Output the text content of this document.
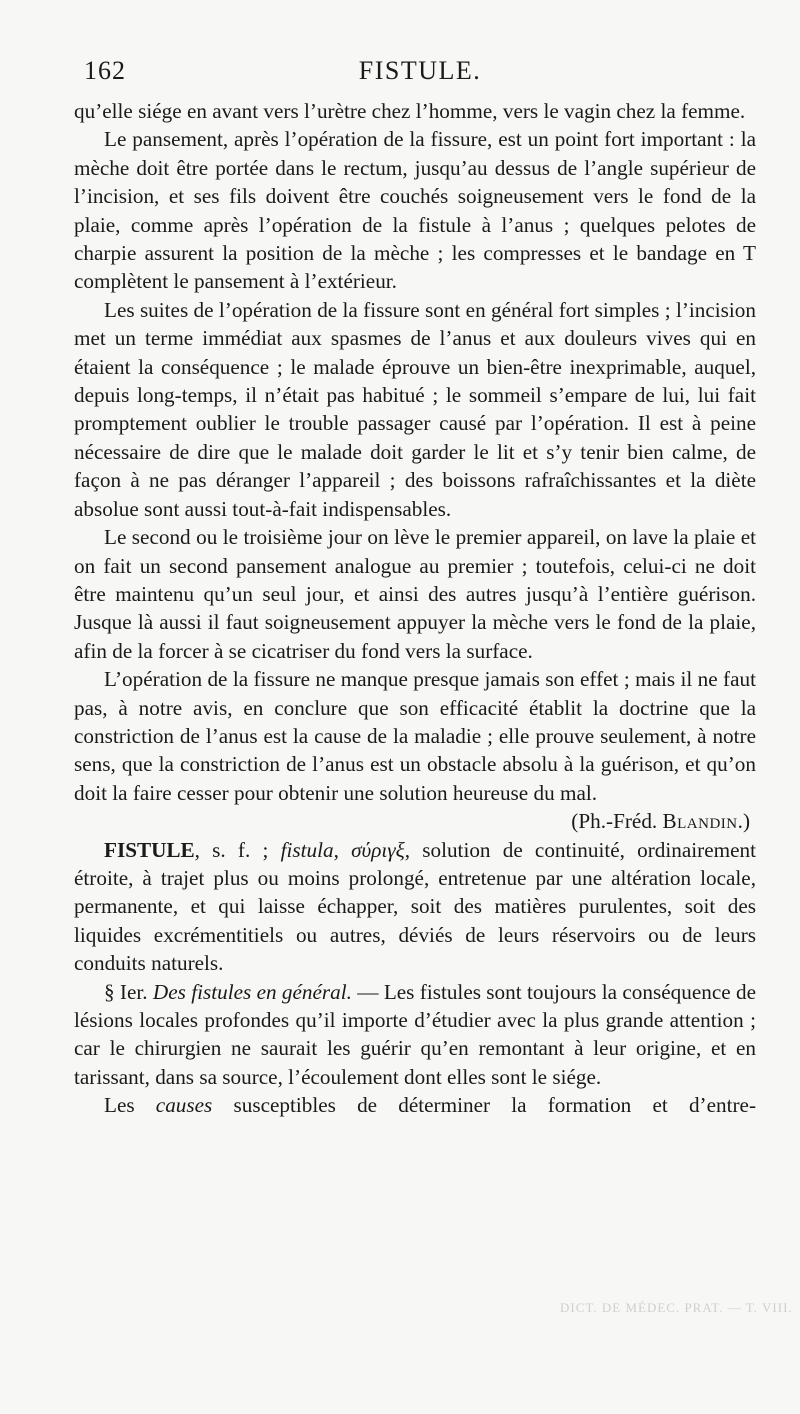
162	FISTULE.

qu’elle siége en avant vers l’urètre chez l’homme, vers le vagin chez la femme.

Le pansement, après l’opération de la fissure, est un point fort important : la mèche doit être portée dans le rectum, jusqu’au dessus de l’angle supérieur de l’incision, et ses fils doivent être couchés soigneusement vers le fond de la plaie, comme après l’opération de la fistule à l’anus ; quelques pelotes de charpie assurent la position de la mèche ; les compresses et le bandage en T complètent le pansement à l’extérieur.

Les suites de l’opération de la fissure sont en général fort simples ; l’incision met un terme immédiat aux spasmes de l’anus et aux douleurs vives qui en étaient la conséquence ; le malade éprouve un bien-être inexprimable, auquel, depuis long-temps, il n’était pas habitué ; le sommeil s’empare de lui, lui fait promptement oublier le trouble passager causé par l’opération. Il est à peine nécessaire de dire que le malade doit garder le lit et s’y tenir bien calme, de façon à ne pas déranger l’appareil ; des boissons rafraîchissantes et la diète absolue sont aussi tout-à-fait indispensables.

Le second ou le troisième jour on lève le premier appareil, on lave la plaie et on fait un second pansement analogue au premier ; toutefois, celui-ci ne doit être maintenu qu’un seul jour, et ainsi des autres jusqu’à l’entière guérison. Jusque là aussi il faut soigneusement appuyer la mèche vers le fond de la plaie, afin de la forcer à se cicatriser du fond vers la surface.

L’opération de la fissure ne manque presque jamais son effet ; mais il ne faut pas, à notre avis, en conclure que son efficacité établit la doctrine que la constriction de l’anus est la cause de la maladie ; elle prouve seulement, à notre sens, que la constriction de l’anus est un obstacle absolu à la guérison, et qu’on doit la faire cesser pour obtenir une solution heureuse du mal.

(Ph.-Fréd. Blandin.)

FISTULE, s. f. ; fistula, σύριγξ, solution de continuité, ordinairement étroite, à trajet plus ou moins prolongé, entretenue par une altération locale, permanente, et qui laisse échapper, soit des matières purulentes, soit des liquides excrémentitiels ou autres, déviés de leurs réservoirs ou de leurs conduits naturels.

§ Ier. Des fistules en général. — Les fistules sont toujours la conséquence de lésions locales profondes qu’il importe d’étudier avec la plus grande attention ; car le chirurgien ne saurait les guérir qu’en remontant à leur origine, et en tarissant, dans sa source, l’écoulement dont elles sont le siége.

Les causes susceptibles de déterminer la formation et d’entre-

DICT. DE MÉDEC. PRAT. — T. VIII.
